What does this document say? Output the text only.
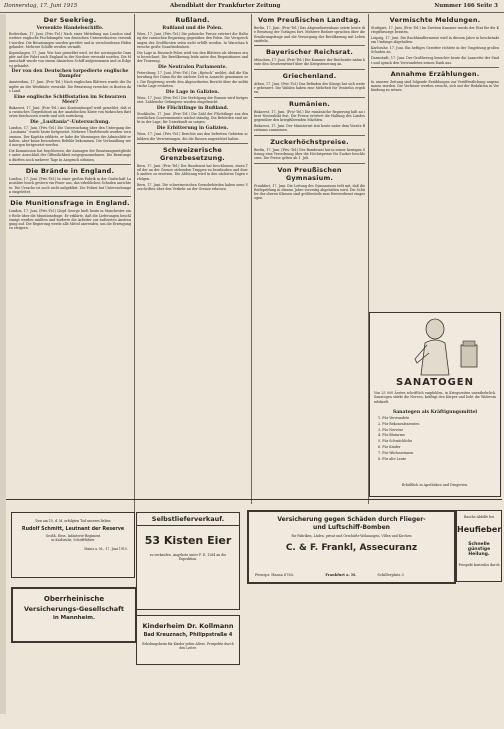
Donnerstag, 17. Juni 1915	Abendblatt der Frankfurter Zeitung	Nummer 166 Seite 3
Der Seekrieg.
Versenkte Handelsschiffe.
Rotterdam, 17. Juni. (Priv.-Tel.) Nach einer Mitteilung aus London sind weitere englische Fischdampfer von deutschen Unterseebooten versenkt worden. Die Besatzungen wurden gerettet und in verschiedenen Häfen gelandet. Mehrere Schiffe werden vermißt.
Kopenhagen, 17. Juni. Wie hier gemeldet wird, ist der norwegische Dampfer auf der Fahrt nach England in der Nordsee versenkt worden. Die Mannschaft wurde von einem dänischen Schiff aufgenommen und in Esbjerg gelandet.
Der von den Deutschen torpedierte englische Dampfer
Amsterdam, 17. Juni. (Priv.-Tel.) Nach englischen Blättern wurde der Dampfer an der Westküste versenkt. Die Besatzung erreichte in Booten das Land.
Eine englische Schiffsstation im Schwarzen Meer?
Bukarest, 17. Juni. (Priv.-Tel.) Aus Konstantinopel wird gemeldet, daß ein russisches Torpedoboot an der anatolischen Küste von türkischen Batterien beschossen wurde und sich zurückzog.
Die „Lusitania“-Untersuchung.
London, 17. Juni. (Priv.-Tel.) Die Untersuchung über den Untergang der „Lusitania“ wurde heute fortgesetzt. Mehrere Überlebende wurden vernommen. Der Kapitän erklärte, er habe die Warnungen der Admiralität erhalten, aber keine besonderen Befehle bekommen. Die Verhandlung wird morgen fortgesetzt werden.
Die Kommission hat beschlossen, die Aussagen der Besatzungsmitglieder unter Ausschluß der Öffentlichkeit entgegenzunehmen. Die Beratungen dürften noch mehrere Tage in Anspruch nehmen.
Die Brände in England.
London, 17. Juni. (Priv.-Tel.) In einer großen Fabrik in der Grafschaft Lancashire brach gestern ein Feuer aus, das erheblichen Schaden anrichtete. Die Ursache ist noch nicht aufgeklärt. Die Polizei hat Untersuchungen eingeleitet.
Die Munitionsfrage in England.
London, 17. Juni. (Priv.-Tel.) Lloyd George hielt heute in Manchester eine Rede über die Munitionsfrage. Er erklärte, daß die Lieferungen beschleunigt werden müßten und forderte die Arbeiter zur äußersten Anstrengung auf. Die Regierung werde alle Mittel anwenden, um die Erzeugung zu steigern.
Rußland.
Rußland und die Polen.
Wien, 17. Juni. (Priv.-Tel.) Die polnische Presse erörtert die Haltung der russischen Regierung gegenüber den Polen. Die Versprechungen des Großfürsten seien nicht erfüllt worden. In Warschau herrsche große Unzufriedenheit.
Die Lage in Russisch-Polen wird von den Blättern als überaus ernst bezeichnet. Die Bevölkerung leide unter den Requisitionen und der Teuerung.
Die Neutralen Parlamente.
Petersburg, 17. Juni. (Priv.-Tel.) Die „Rjetsch“ meldet, daß die Einberufung der Duma für die nächste Zeit in Aussicht genommen sei. Die Regierung werde den Abgeordneten Bericht über die militärische Lage erstatten.
Die Lage in Galizien.
Wien, 17. Juni. (Priv.-Tel.) Die Verfolgung der Russen wird fortgesetzt. Zahlreiche Gefangene wurden eingebracht.
Die Flüchtlinge in Rußland.
Stockholm, 17. Juni. (Priv.-Tel.) Die Zahl der Flüchtlinge aus den westlichen Gouvernements wächst ständig. Die Behörden sind nicht in der Lage, für Unterkunft zu sorgen.
Die Erbitterung in Galizien.
Wien, 17. Juni. (Priv.-Tel.) Berichte aus den befreiten Gebieten schildern die Verwüstungen, die die Russen angerichtet haben.
Schweizerische Grenzbesetzung.
Bern, 17. Juni. (Priv.-Tel.) Der Bundesrat hat beschlossen, einen Teil der an der Grenze stehenden Truppen zu beurlauben und durch andere zu ersetzen. Die Ablösung wird in den nächsten Tagen erfolgen.
Bern, 17. Juni. Die schweizerischen Grenzbehörden haben neue Vorschriften über den Verkehr an der Grenze erlassen.
Vom Preußischen Landtag.
Berlin, 17. Juni. (Priv.-Tel.) Das Abgeordnetenhaus setzte heute die Beratung der Vorlagen fort. Mehrere Redner sprachen über die Ernährungsfrage und die Versorgung der Bevölkerung mit Lebensmitteln.
Bayerischer Reichsrat.
München, 17. Juni. (Priv.-Tel.) Die Kammer der Reichsräte nahm heute den Gesetzentwurf über die Kriegsteuerung an.
Griechenland.
Athen, 17. Juni. (Priv.-Tel.) Das Befinden des Königs hat sich weiter gebessert. Die Wahlen haben eine Mehrheit für Venizelos ergeben.
Rumänien.
Bukarest, 17. Juni. (Priv.-Tel.) Die rumänische Regierung hält an ihrer Neutralität fest. Die Presse erörtert die Haltung des Landes gegenüber den kriegführenden Mächten.
Bukarest, 17. Juni. Der Ministerrat trat heute unter dem Vorsitz Bratianus zusammen.
Zuckerhöchstpreise.
Berlin, 17. Juni. (Priv.-Tel.) Der Bundesrat hat in seiner heutigen Sitzung eine Verordnung über die Höchstpreise für Zucker beschlossen. Die Preise gelten ab 1. Juli.
Von Preußischen Gymnasium.
Frankfurt, 17. Juni. Die Leitung des Gymnasiums teilt mit, daß die Reifeprüfung in diesem Jahre vorzeitig abgehalten wird. Die Schüler der oberen Klassen sind größtenteils zum Heeresdienst eingezogen.
Vermischte Meldungen.
Stuttgart, 17. Juni. (Priv.-Tel.) Im Zweiten Kammer wurde der Etat für die Kriegsfürsorge beraten.
Leipzig, 17. Juni. Die Buchhändlermesse wird in diesem Jahre in beschränktem Umfange abgehalten.
Karlsruhe, 17. Juni. Ein heftiges Gewitter richtete in der Umgebung großen Schaden an.
Darmstadt, 17. Juni. Der Großherzog besuchte heute die Lazarette der Stadt und sprach den Verwundeten seinen Dank aus.
Annahme Erzählungen.
In unserer Zeitung sind folgende Erzählungen zur Veröffentlichung angenommen worden. Die Verfasser werden ersucht, sich mit der Redaktion in Verbindung zu setzen.
SANATOGEN
Von 25 000 Ärzten schriftlich empfohlen, in Kriegszeiten unentbehrlich. Sanatogen stärkt die Nerven, kräftigt den Körper und hebt die Widerstandskraft.
Sanatogen als Kräftigungsmittel
1. Für Verwundete
2. Für Rekonvaleszenten
3. Für Nervöse
4. Für Blutarme
5. Für Schwächliche
6. Für Kinder
7. Für Wöchnerinnen
8. Für alte Leute
Erhältlich in Apotheken und Drogerien.
Den am 15. d. M. erfolgten Tod unseres lieben
Rudolf Schmitt, Leutnant der Reserve
Großh. Hess. Infanterie-Regiment
in Karlsruhe, Schriftführer
Mainz a. M., 17. Juni 1915.
Oberrheinische
Versicherungs-Gesellschaft
in Mannheim.
Selbstlieferverkauf.
53 Kisten Eier
zu verkaufen. Angebote unter F. D. 1284 an die Expedition.
Kinderheim Dr. Kollmann
Bad Kreuznach, Philippstraße 4
Erholungsheim für Kinder jeden Alters. Prospekte durch den Leiter.
Versicherung gegen Schäden durch Flieger-
und Luftschiff-Bomben
für Fabriken, Läden, privat und Geschäfts-Wohnungen, Villen und Kirchen
C. & F. Frankl, Assecuranz
Fernspr. Hansa 6763.	Frankfurt a. M.	Schillerplatz 3
Rasche Abhilfe bei
Heufieber
Schnelle günstige Heilung.
Prospekt kostenlos durch
